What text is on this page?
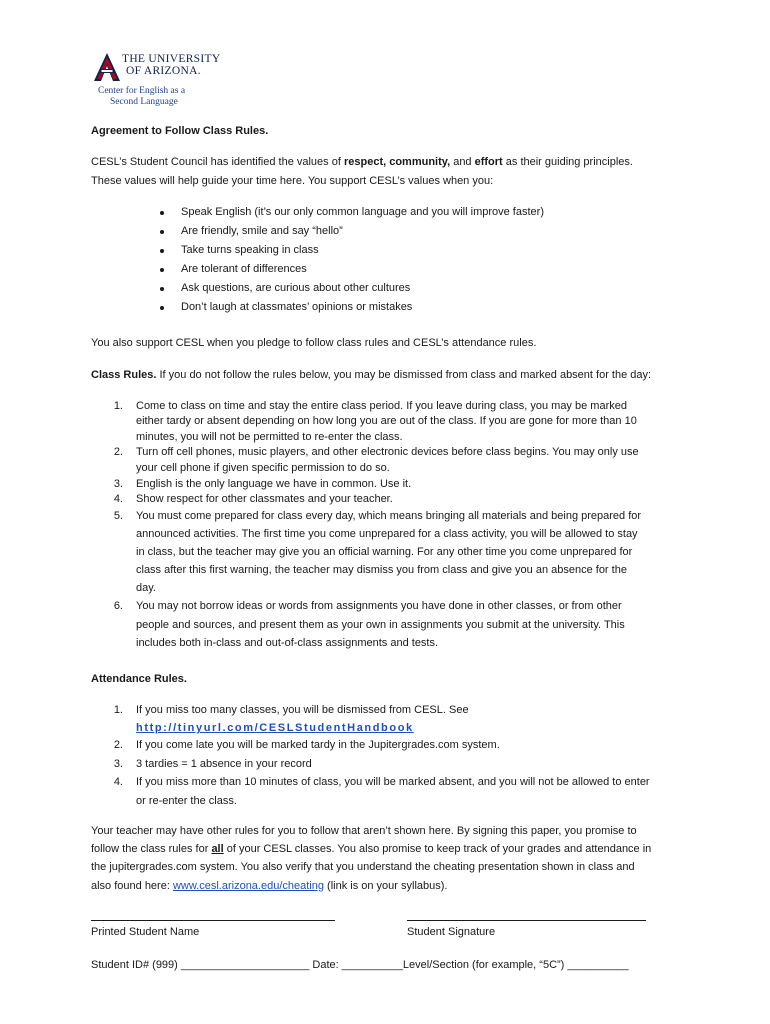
THE UNIVERSITY
OF ARIZONA.
Center for English as a
Second Language
Agreement to Follow Class Rules.
CESL’s Student Council has identified the values of respect, community, and effort as their guiding principles.
These values will help guide your time here. You support CESL’s values when you:
Speak English (it’s our only common language and you will improve faster)
Are friendly, smile and say “hello”
Take turns speaking in class
Are tolerant of differences
Ask questions, are curious about other cultures
Don’t laugh at classmates’ opinions or mistakes
You also support CESL when you pledge to follow class rules and CESL’s attendance rules.
Class Rules. If you do not follow the rules below, you may be dismissed from class and marked absent for the day:
1. Come to class on time and stay the entire class period. If you leave during class, you may be marked
either tardy or absent depending on how long you are out of the class. If you are gone for more than 10
minutes, you will not be permitted to re-enter the class.
2. Turn off cell phones, music players, and other electronic devices before class begins. You may only use
your cell phone if given specific permission to do so.
3. English is the only language we have in common. Use it.
4. Show respect for other classmates and your teacher.
5. You must come prepared for class every day, which means bringing all materials and being prepared for
announced activities. The first time you come unprepared for a class activity, you will be allowed to stay
in class, but the teacher may give you an official warning. For any other time you come unprepared for
class after this first warning, the teacher may dismiss you from class and give you an absence for the
day.
6. You may not borrow ideas or words from assignments you have done in other classes, or from other
people and sources, and present them as your own in assignments you submit at the university. This
includes both in-class and out-of-class assignments and tests.
Attendance Rules.
1. If you miss too many classes, you will be dismissed from CESL. See
http://tinyurl.com/CESLStudentHandbook
2. If you come late you will be marked tardy in the Jupitergrades.com system.
3. 3 tardies = 1 absence in your record
4. If you miss more than 10 minutes of class, you will be marked absent, and you will not be allowed to enter
or re-enter the class.
Your teacher may have other rules for you to follow that aren’t shown here. By signing this paper, you promise to
follow the class rules for all of your CESL classes. You also promise to keep track of your grades and attendance in
the jupitergrades.com system. You also verify that you understand the cheating presentation shown in class and
also found here: www.cesl.arizona.edu/cheating (link is on your syllabus).
Printed Student Name	Student Signature
Student ID# (999) _____________________ Date: __________Level/Section (for example, “5C”) __________
